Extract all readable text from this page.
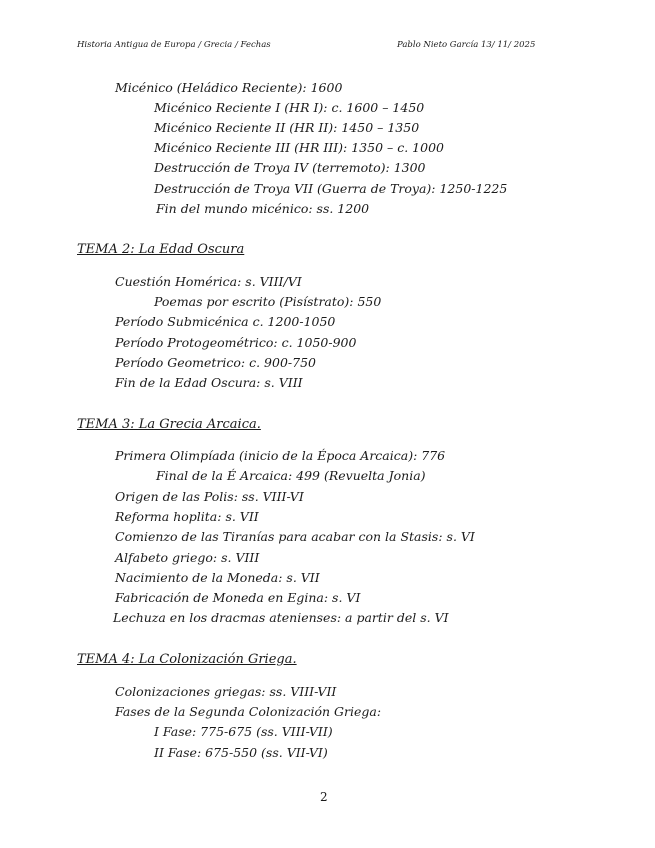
Historia Antigua de Europa / Grecia / Fechas	Pablo Nieto García 13/ 11/ 2025
Micénico (Heládico Reciente): 1600
Micénico Reciente I (HR I): c. 1600 – 1450
Micénico Reciente II (HR II): 1450 – 1350
Micénico Reciente III (HR III): 1350 – c. 1000
Destrucción de Troya IV (terremoto): 1300
Destrucción de Troya VII (Guerra de Troya): 1250-1225
Fin del mundo micénico: ss. 1200
TEMA 2: La Edad Oscura
Cuestión Homérica: s. VIII/VI
Poemas por escrito (Pisístrato): 550
Período Submicénica c. 1200-1050
Período Protogeométrico: c. 1050-900
Período Geometrico: c. 900-750
Fin de la Edad Oscura: s. VIII
TEMA 3: La Grecia Arcaica.
Primera Olimpíada (inicio de la Época Arcaica): 776
Final de la É Arcaica: 499 (Revuelta Jonia)
Origen de las Polis: ss. VIII-VI
Reforma hoplita: s. VII
Comienzo de las Tiranías para acabar con la Stasis: s. VI
Alfabeto griego: s. VIII
Nacimiento de la Moneda: s. VII
Fabricación de Moneda en Egina: s. VI
Lechuza en los dracmas atenienses: a partir del s. VI
TEMA 4: La Colonización Griega.
Colonizaciones griegas: ss. VIII-VII
Fases de la Segunda Colonización Griega:
I Fase: 775-675 (ss. VIII-VII)
II Fase: 675-550 (ss. VII-VI)
2
